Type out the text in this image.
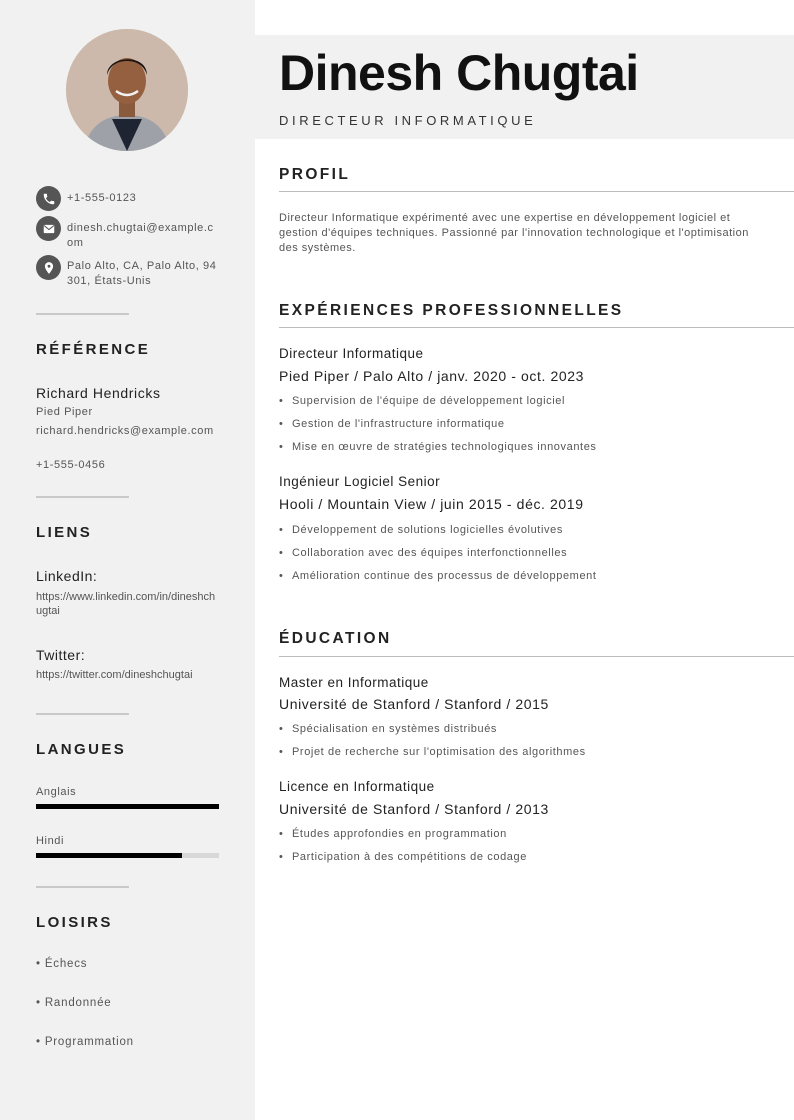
+1-555-0123
dinesh.chugtai@example.com
Palo Alto, CA, Palo Alto, 94301, États-Unis
RÉFÉRENCE
Richard Hendricks
Pied Piper
richard.hendricks@example.com
+1-555-0456
LIENS
LinkedIn:
https://www.linkedin.com/in/dineshchugtai
Twitter:
https://twitter.com/dineshchugtai
LANGUES
Anglais
Hindi
LOISIRS
• Échecs
• Randonnée
• Programmation
Dinesh Chugtai
DIRECTEUR INFORMATIQUE
PROFIL
Directeur Informatique expérimenté avec une expertise en développement logiciel et gestion d'équipes techniques. Passionné par l'innovation technologique et l'optimisation des systèmes.
EXPÉRIENCES PROFESSIONNELLES
Directeur Informatique
Pied Piper / Palo Alto / janv. 2020 - oct. 2023
• Supervision de l'équipe de développement logiciel
• Gestion de l'infrastructure informatique
• Mise en œuvre de stratégies technologiques innovantes
Ingénieur Logiciel Senior
Hooli / Mountain View / juin 2015 - déc. 2019
• Développement de solutions logicielles évolutives
• Collaboration avec des équipes interfonctionnelles
• Amélioration continue des processus de développement
ÉDUCATION
Master en Informatique
Université de Stanford / Stanford / 2015
• Spécialisation en systèmes distribués
• Projet de recherche sur l'optimisation des algorithmes
Licence en Informatique
Université de Stanford / Stanford / 2013
• Études approfondies en programmation
• Participation à des compétitions de codage
